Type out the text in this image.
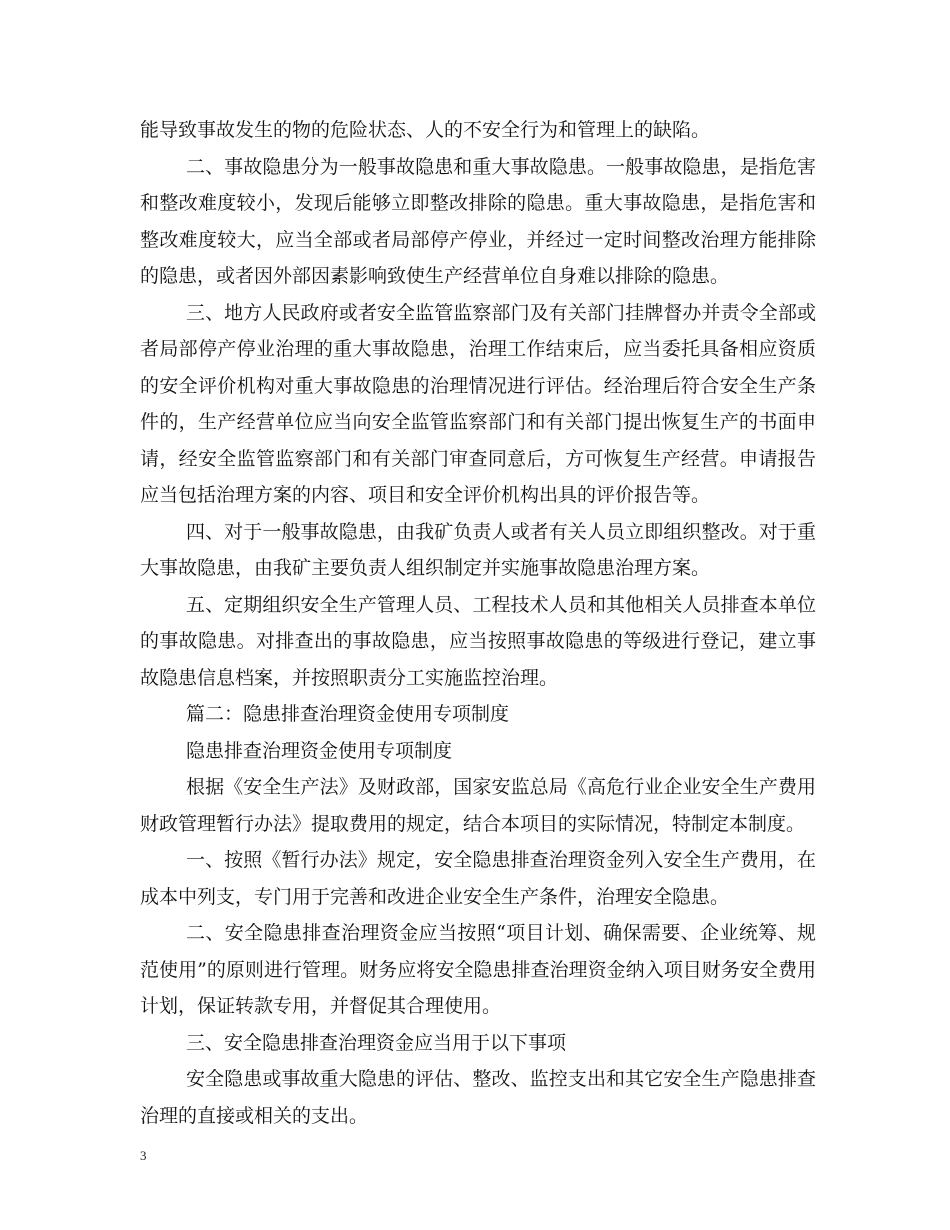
能导致事故发生的物的危险状态、人的不安全行为和管理上的缺陷。

二、事故隐患分为一般事故隐患和重大事故隐患。一般事故隐患，是指危害和整改难度较小，发现后能够立即整改排除的隐患。重大事故隐患，是指危害和整改难度较大，应当全部或者局部停产停业，并经过一定时间整改治理方能排除的隐患，或者因外部因素影响致使生产经营单位自身难以排除的隐患。

三、地方人民政府或者安全监管监察部门及有关部门挂牌督办并责令全部或者局部停产停业治理的重大事故隐患，治理工作结束后，应当委托具备相应资质的安全评价机构对重大事故隐患的治理情况进行评估。经治理后符合安全生产条件的，生产经营单位应当向安全监管监察部门和有关部门提出恢复生产的书面申请，经安全监管监察部门和有关部门审查同意后，方可恢复生产经营。申请报告应当包括治理方案的内容、项目和安全评价机构出具的评价报告等。

四、对于一般事故隐患，由我矿负责人或者有关人员立即组织整改。对于重大事故隐患，由我矿主要负责人组织制定并实施事故隐患治理方案。

五、定期组织安全生产管理人员、工程技术人员和其他相关人员排查本单位的事故隐患。对排查出的事故隐患，应当按照事故隐患的等级进行登记，建立事故隐患信息档案，并按照职责分工实施监控治理。

篇二：隐患排查治理资金使用专项制度

隐患排查治理资金使用专项制度

根据《安全生产法》及财政部，国家安监总局《高危行业企业安全生产费用财政管理暂行办法》提取费用的规定，结合本项目的实际情况，特制定本制度。

一、按照《暂行办法》规定，安全隐患排查治理资金列入安全生产费用，在成本中列支，专门用于完善和改进企业安全生产条件，治理安全隐患。

二、安全隐患排查治理资金应当按照“项目计划、确保需要、企业统筹、规范使用”的原则进行管理。财务应将安全隐患排查治理资金纳入项目财务安全费用计划，保证转款专用，并督促其合理使用。

三、安全隐患排查治理资金应当用于以下事项

安全隐患或事故重大隐患的评估、整改、监控支出和其它安全生产隐患排查治理的直接或相关的支出。

3
